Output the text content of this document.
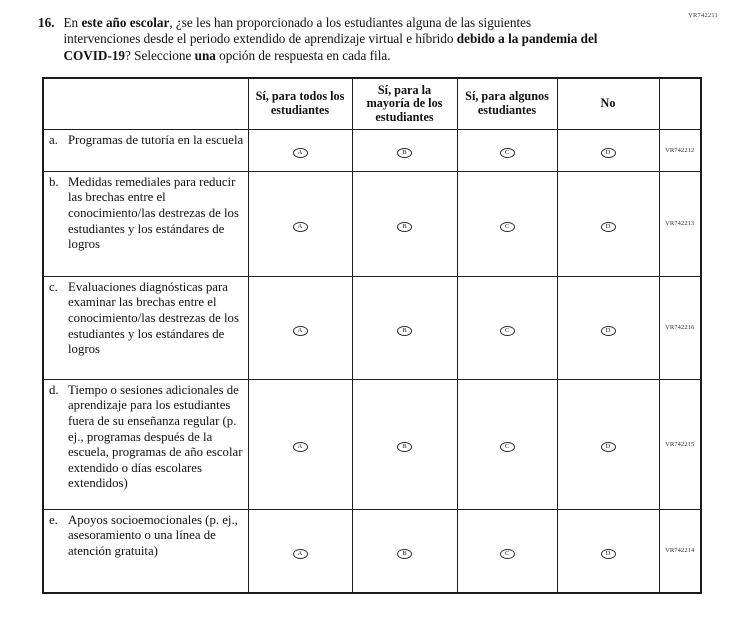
VR742211
16. En este año escolar, ¿se les han proporcionado a los estudiantes alguna de las siguientes intervenciones desde el periodo extendido de aprendizaje virtual e híbrido debido a la pandemia del COVID-19? Seleccione una opción de respuesta en cada fila.
	Sí, para todos los estudiantes	Sí, para la mayoría de los estudiantes	Sí, para algunos estudiantes	No	

a. Programas de tutoría en la escuela	A	B	C	D	VR742212

b. Medidas remediales para reducir las brechas entre el conocimiento/las destrezas de los estudiantes y los estándares de logros	A	B	C	D	VR742213

c. Evaluaciones diagnósticas para examinar las brechas entre el conocimiento/las destrezas de los estudiantes y los estándares de logros	A	B	C	D	VR742216

d. Tiempo o sesiones adicionales de aprendizaje para los estudiantes fuera de su enseñanza regular (p. ej., programas después de la escuela, programas de año escolar extendido o días escolares extendidos)	A	B	C	D	VR742215

e. Apoyos socioemocionales (p. ej., asesoramiento o una línea de atención gratuita)	A	B	C	D	VR742214
